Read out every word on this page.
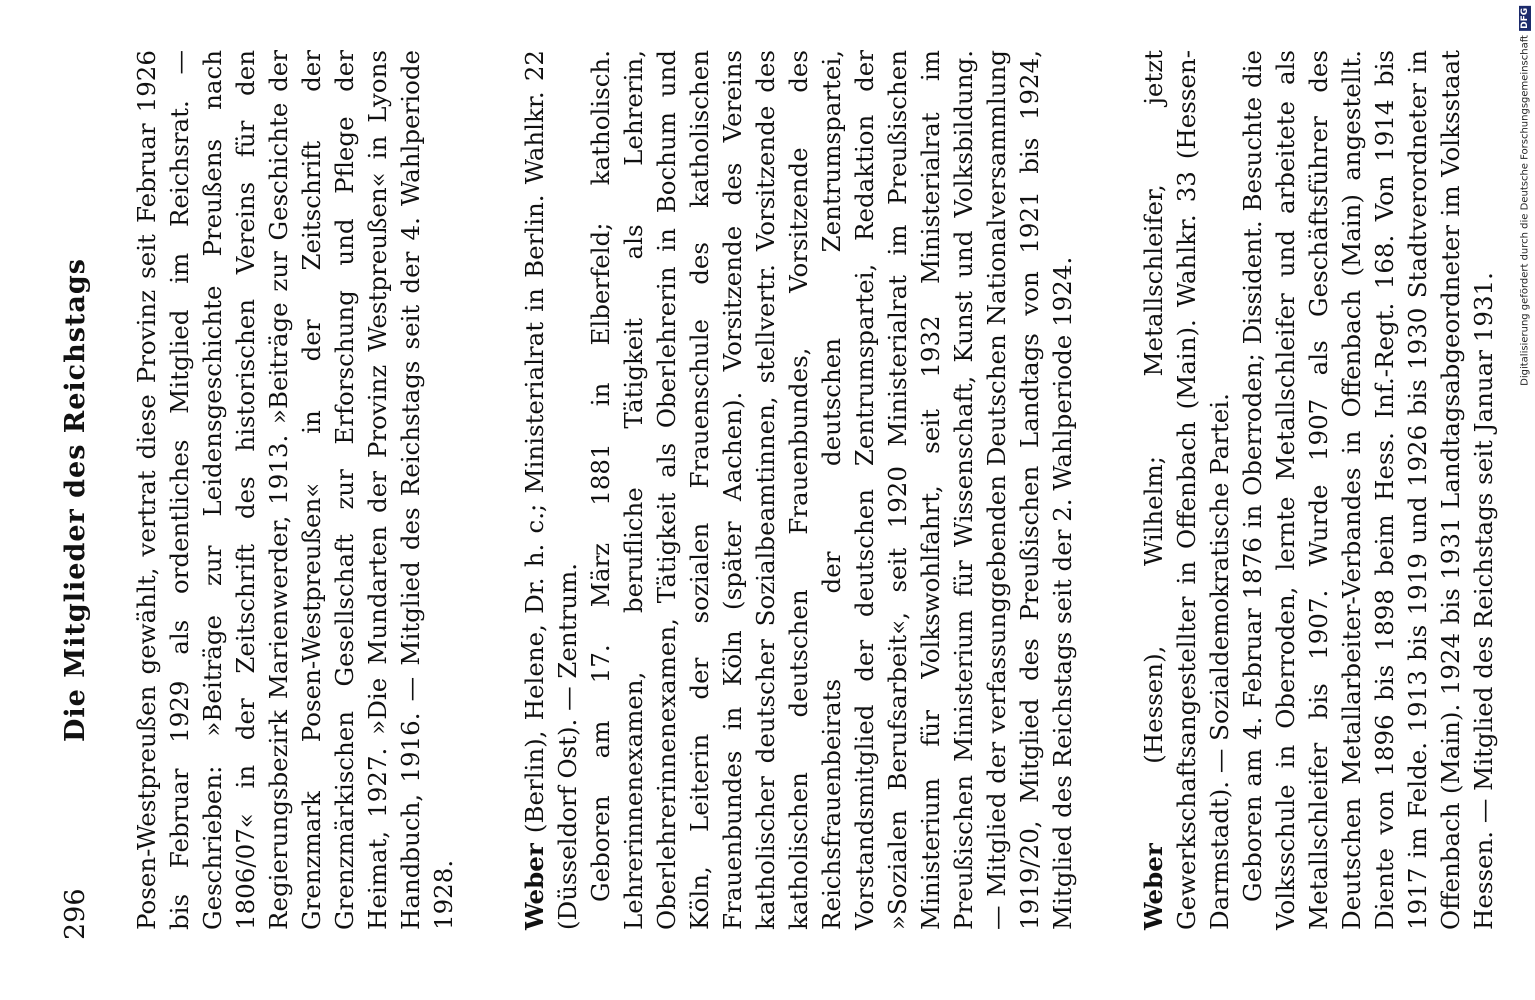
296
Die Mitglieder des Reichstags Posen-Westpreußen gewählt, vertrat diese Provinz seit Februar 1926 bis Februar 1929 als ordentliches Mitglied im Reichsrat. — Geschrieben: »Beiträge zur Leidensgeschichte Preußens nach 1806/07« in der Zeitschrift des historischen Vereins für den Regierungsbezirk Marienwerder, 1913. »Beiträge zur Geschichte der Grenzmark Posen-Westpreußen« in der Zeitschrift der Grenzmärkischen Gesellschaft zur Erforschung und Pflege der Heimat, 1927. »Die Mundarten der Provinz Westpreußen« in Lyons Handbuch, 1916. — Mitglied des Reichstags seit der 4. Wahlperiode 1928.	Weber (Berlin), Helene, Dr. h. c.; Ministerialrat in Berlin. Wahlkr. 22 (Düsseldorf Ost). — Zentrum. Geboren am 17. März 1881 in Elberfeld; katholisch. Lehrerinnenexamen, berufliche Tätigkeit als Lehrerin, Oberlehrerinnenexamen, Tätigkeit als Oberlehrerin in Bochum und Köln, Leiterin der sozialen Frauenschule des katholischen Frauenbundes in Köln (später Aachen). Vorsitzende des Vereins katholischer deutscher Sozialbeamtinnen, stellvertr. Vorsitzende des katholischen deutschen Frauenbundes, Vorsitzende des Reichsfrauenbeirats der deutschen Zentrumspartei, Vorstandsmitglied der deutschen Zentrumspartei, Redaktion der »Sozialen Berufsarbeit«, seit 1920 Ministerialrat im Preußischen Ministerium für Volkswohlfahrt, seit 1932 Ministerialrat im Preußischen Ministerium für Wissenschaft, Kunst und Volksbildung. — Mitglied der verfassunggebenden Deutschen Nationalversammlung 1919/20, Mitglied des Preußischen Landtags von 1921 bis 1924, Mitglied des Reichstags seit der 2. Wahlperiode 1924.	Weber (Hessen), Wilhelm; Metallschleifer, jetzt Gewerkschaftsangestellter in Offenbach (Main). Wahlkr. 33 (Hessen-Darmstadt). — Sozialdemokratische Partei. Geboren am 4. Februar 1876 in Oberroden; Dissident. Besuchte die Volksschule in Oberroden, lernte Metallschleifer und arbeitete als Metallschleifer bis 1907. Wurde 1907 als Geschäftsführer des Deutschen Metallarbeiter-Verbandes in Offenbach (Main) angestellt. Diente von 1896 bis 1898 beim Hess. Inf.-Regt. 168. Von 1914 bis 1917 im Felde. 1913 bis 1919 und 1926 bis 1930 Stadtverordneter in Offenbach (Main). 1924 bis 1931 Landtagsabgeordneter im Volksstaat Hessen. — Mitglied des Reichstags seit Januar 1931.

Digitalisierung gefördert durch die Deutsche Forschungsgemeinschaft
DFG
